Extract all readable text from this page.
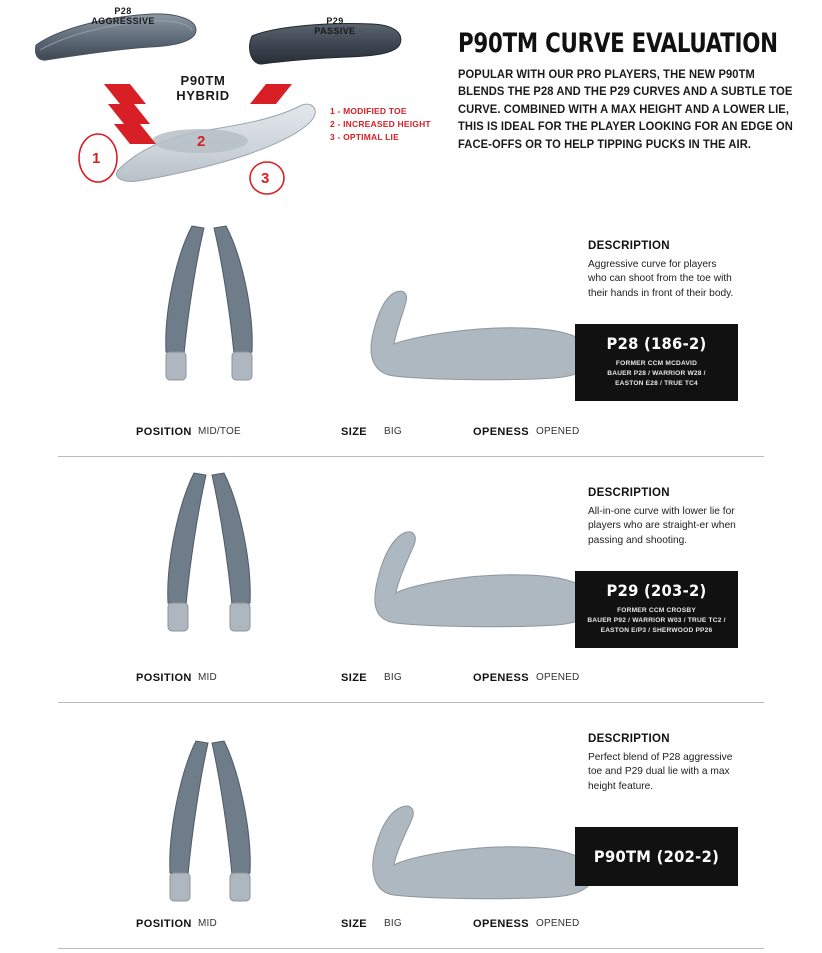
P28
AGGRESSIVE	P29
PASSIVE
P90TM
HYBRID
1 - MODIFIED TOE
2 - INCREASED HEIGHT
3 - OPTIMAL LIE
1
2
3
P90TM CURVE EVALUATION
POPULAR WITH OUR PRO PLAYERS, THE NEW P90TM BLENDS THE P28 AND THE P29 CURVES AND A SUBTLE TOE CURVE. COMBINED WITH A MAX HEIGHT AND A LOWER LIE, THIS IS IDEAL FOR THE PLAYER LOOKING FOR AN EDGE ON FACE-OFFS OR TO HELP TIPPING PUCKS IN THE AIR.
POSITION MID/TOE	SIZE BIG	OPENESS OPENED
DESCRIPTION
Aggressive curve for players who can shoot from the toe with their hands in front of their body.
P28 (186-2)
FORMER CCM MCDAVID
BAUER P28 / WARRIOR W28 /
EASTON E28 / TRUE TC4
POSITION MID	SIZE BIG	OPENESS OPENED
DESCRIPTION
All-in-one curve with lower lie for players who are straight-er when passing and shooting.
P29 (203-2)
FORMER CCM CROSBY
BAUER P92 / WARRIOR W03 / TRUE TC2 /
EASTON E/P3 / SHERWOOD PP26
POSITION MID	SIZE BIG	OPENESS OPENED
DESCRIPTION
Perfect blend of P28 aggressive toe and P29 dual lie with a max height feature.
P90TM (202-2)
